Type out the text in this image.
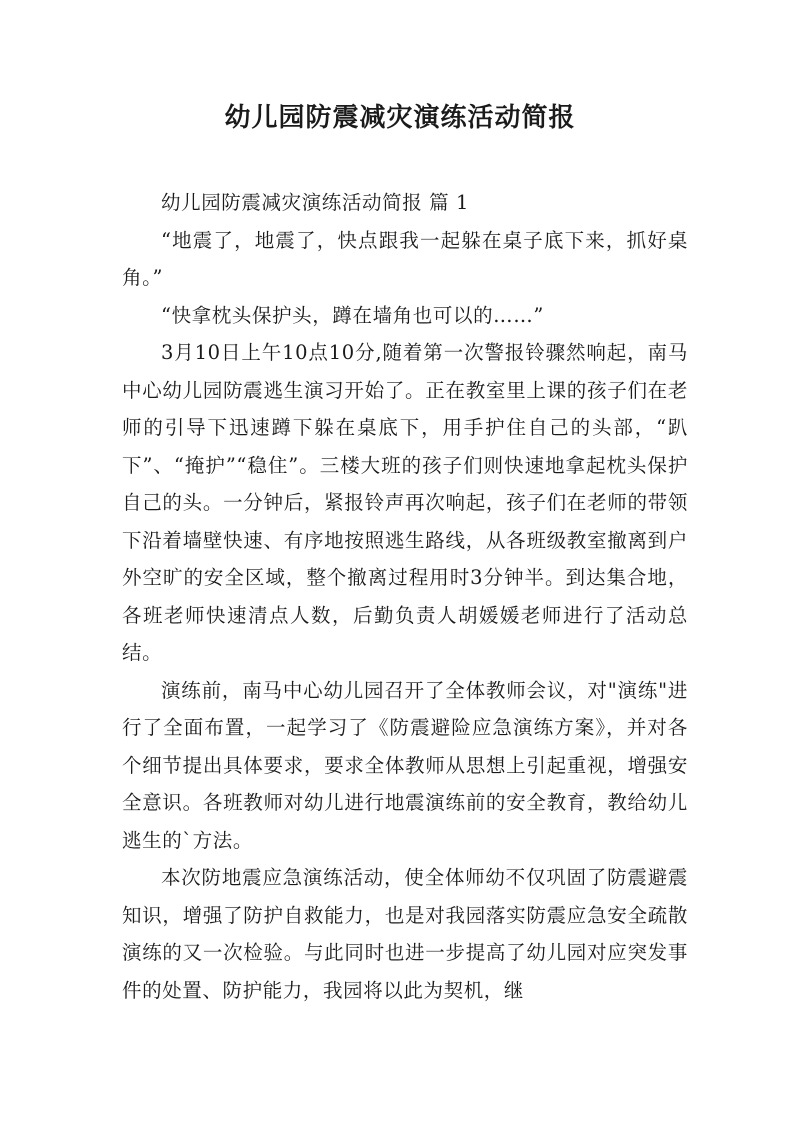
幼儿园防震减灾演练活动简报

幼儿园防震减灾演练活动简报 篇 1

“地震了，地震了，快点跟我一起躲在桌子底下来，抓好桌角。”

“快拿枕头保护头，蹲在墙角也可以的……”

3月10日上午10点10分,随着第一次警报铃骤然响起，南马中心幼儿园防震逃生演习开始了。正在教室里上课的孩子们在老师的引导下迅速蹲下躲在桌底下，用手护住自己的头部，“趴下”、“掩护”“稳住”。三楼大班的孩子们则快速地拿起枕头保护自己的头。一分钟后，紧报铃声再次响起，孩子们在老师的带领下沿着墙壁快速、有序地按照逃生路线，从各班级教室撤离到户外空旷的安全区域，整个撤离过程用时3分钟半。到达集合地，各班老师快速清点人数，后勤负责人胡媛媛老师进行了活动总结。

演练前，南马中心幼儿园召开了全体教师会议，对"演练"进行了全面布置，一起学习了《防震避险应急演练方案》，并对各个细节提出具体要求，要求全体教师从思想上引起重视，增强安全意识。各班教师对幼儿进行地震演练前的安全教育，教给幼儿逃生的`方法。

本次防地震应急演练活动，使全体师幼不仅巩固了防震避震知识，增强了防护自救能力，也是对我园落实防震应急安全疏散演练的又一次检验。与此同时也进一步提高了幼儿园对应突发事件的处置、防护能力，我园将以此为契机，继
